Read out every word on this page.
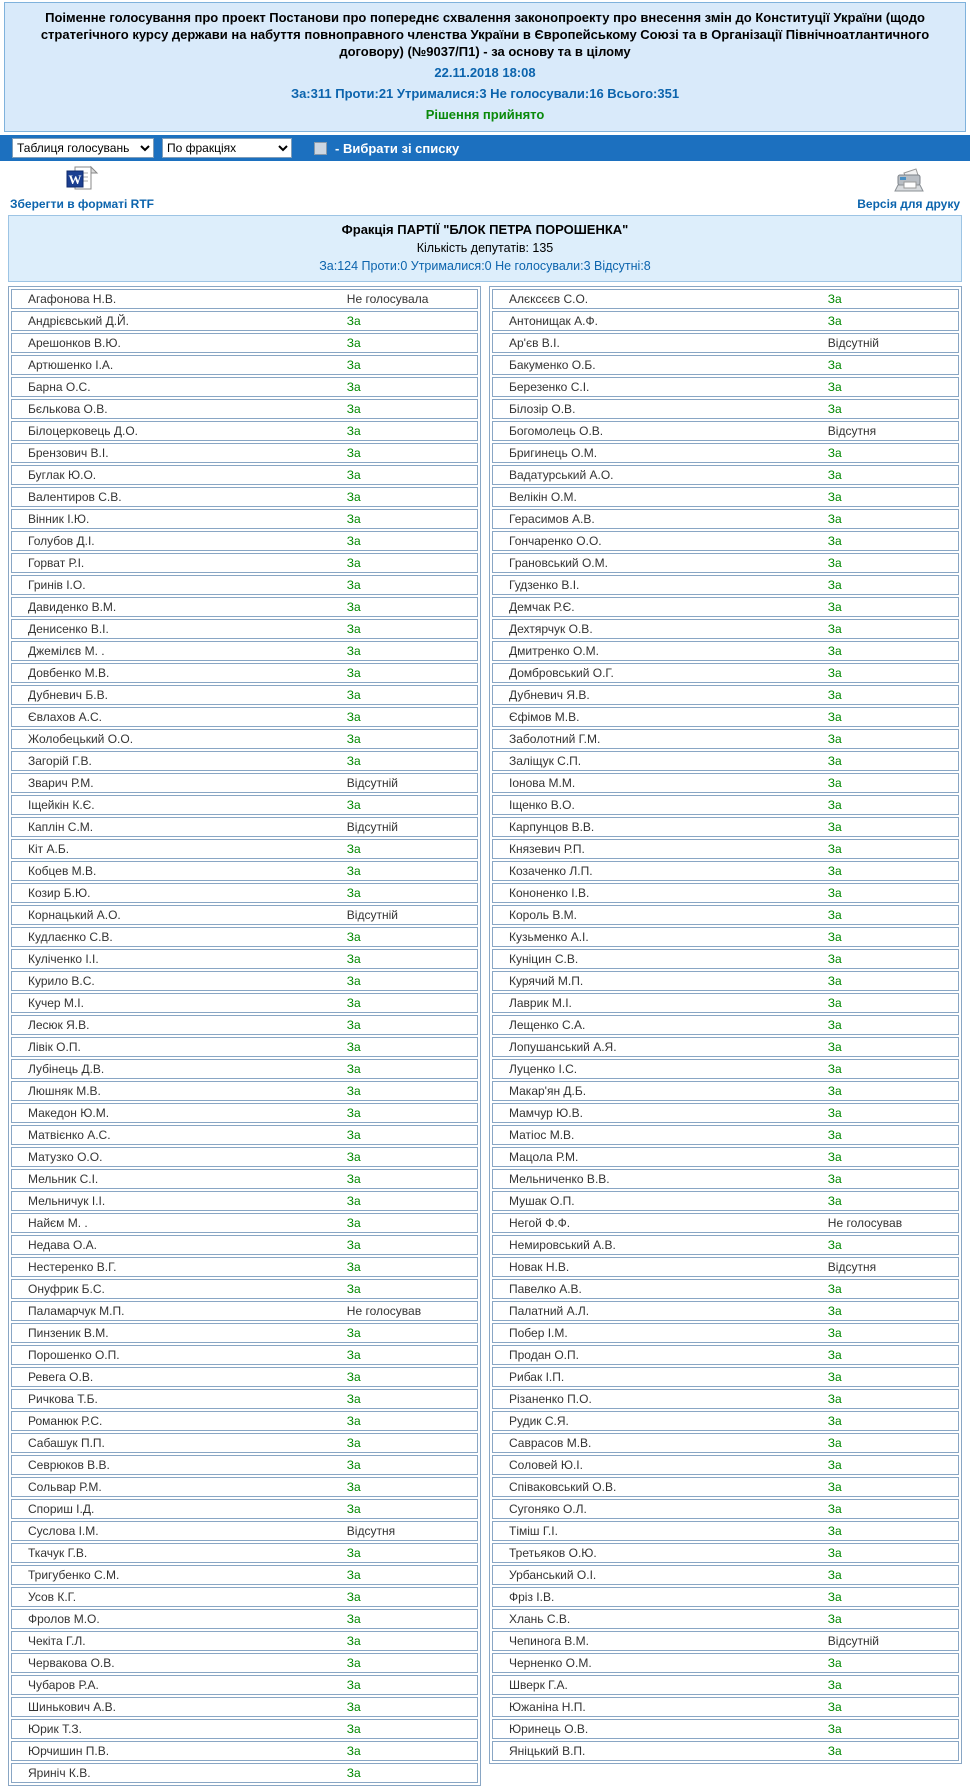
Поіменне голосування про проект Постанови про попереднє схвалення законопроекту про внесення змін до Конституції України (щодо стратегічного курсу держави на набуття повноправного членства України в Європейському Союзі та в Організації Північноатлантичного договору) (№9037/П1) - за основу та в цілому
22.11.2018 18:08
За:311 Проти:21 Утрималися:3 Не голосували:16 Всього:351
Рішення прийнято
Таблиця голосувань
По фракціях
- Вибрати зі списку
W
Зберегти в форматі RTF	Версія для друку
Фракція ПАРТІЇ "БЛОК ПЕТРА ПОРОШЕНКА"
Кількість депутатів: 135
За:124 Проти:0 Утрималися:0 Не голосували:3 Відсутні:8
Агафонова Н.В.	Не голосувала
Андрієвський Д.Й.	За
Арешонков В.Ю.	За
Артюшенко І.А.	За
Барна О.С.	За
Бєлькова О.В.	За
Білоцерковець Д.О.	За
Брензович В.І.	За
Буглак Ю.О.	За
Валентиров С.В.	За
Вінник І.Ю.	За
Голубов Д.І.	За
Горват Р.І.	За
Гринів І.О.	За
Давиденко В.М.	За
Денисенко В.І.	За
Джемілєв М. .	За
Довбенко М.В.	За
Дубневич Б.В.	За
Євлахов А.С.	За
Жолобецький О.О.	За
Загорій Г.В.	За
Зварич Р.М.	Відсутній
Іщейкін К.Є.	За
Каплін С.М.	Відсутній
Кіт А.Б.	За
Кобцев М.В.	За
Козир Б.Ю.	За
Корнацький А.О.	Відсутній
Кудлаєнко С.В.	За
Куліченко І.І.	За
Курило В.С.	За
Кучер М.І.	За
Лесюк Я.В.	За
Лівік О.П.	За
Лубінець Д.В.	За
Люшняк М.В.	За
Македон Ю.М.	За
Матвієнко А.С.	За
Матузко О.О.	За
Мельник С.І.	За
Мельничук І.І.	За
Найєм М. .	За
Недава О.А.	За
Нестеренко В.Г.	За
Онуфрик Б.С.	За
Паламарчук М.П.	Не голосував
Пинзеник В.М.	За
Порошенко О.П.	За
Ревега О.В.	За
Ричкова Т.Б.	За
Романюк Р.С.	За
Сабашук П.П.	За
Севрюков В.В.	За
Сольвар Р.М.	За
Спориш І.Д.	За
Суслова І.М.	Відсутня
Ткачук Г.В.	За
Тригубенко С.М.	За
Усов К.Г.	За
Фролов М.О.	За
Чекіта Г.Л.	За
Червакова О.В.	За
Чубаров Р.А.	За
Шинькович А.В.	За
Юрик Т.З.	За
Юрчишин П.В.	За
Яриніч К.В.	За
Алєксєєв С.О.	За
Антонищак А.Ф.	За
Ар'єв В.І.	Відсутній
Бакуменко О.Б.	За
Березенко С.І.	За
Білозір О.В.	За
Богомолець О.В.	Відсутня
Бригинець О.М.	За
Вадатурський А.О.	За
Велікін О.М.	За
Герасимов А.В.	За
Гончаренко О.О.	За
Грановський О.М.	За
Гудзенко В.І.	За
Демчак Р.Є.	За
Дехтярчук О.В.	За
Дмитренко О.М.	За
Домбровський О.Г.	За
Дубневич Я.В.	За
Єфімов М.В.	За
Заболотний Г.М.	За
Заліщук С.П.	За
Іонова М.М.	За
Іщенко В.О.	За
Карпунцов В.В.	За
Князевич Р.П.	За
Козаченко Л.П.	За
Кононенко І.В.	За
Король В.М.	За
Кузьменко А.І.	За
Куніцин С.В.	За
Курячий М.П.	За
Лаврик М.І.	За
Лещенко С.А.	За
Лопушанський А.Я.	За
Луценко І.С.	За
Макар'ян Д.Б.	За
Мамчур Ю.В.	За
Матіос М.В.	За
Мацола Р.М.	За
Мельниченко В.В.	За
Мушак О.П.	За
Негой Ф.Ф.	Не голосував
Немировський А.В.	За
Новак Н.В.	Відсутня
Павелко А.В.	За
Палатний А.Л.	За
Побер І.М.	За
Продан О.П.	За
Рибак І.П.	За
Різаненко П.О.	За
Рудик С.Я.	За
Саврасов М.В.	За
Соловей Ю.І.	За
Співаковський О.В.	За
Сугоняко О.Л.	За
Тіміш Г.І.	За
Третьяков О.Ю.	За
Урбанський О.І.	За
Фріз І.В.	За
Хлань С.В.	За
Чепинога В.М.	Відсутній
Черненко О.М.	За
Шверк Г.А.	За
Южаніна Н.П.	За
Юринець О.В.	За
Яніцький В.П.	За
